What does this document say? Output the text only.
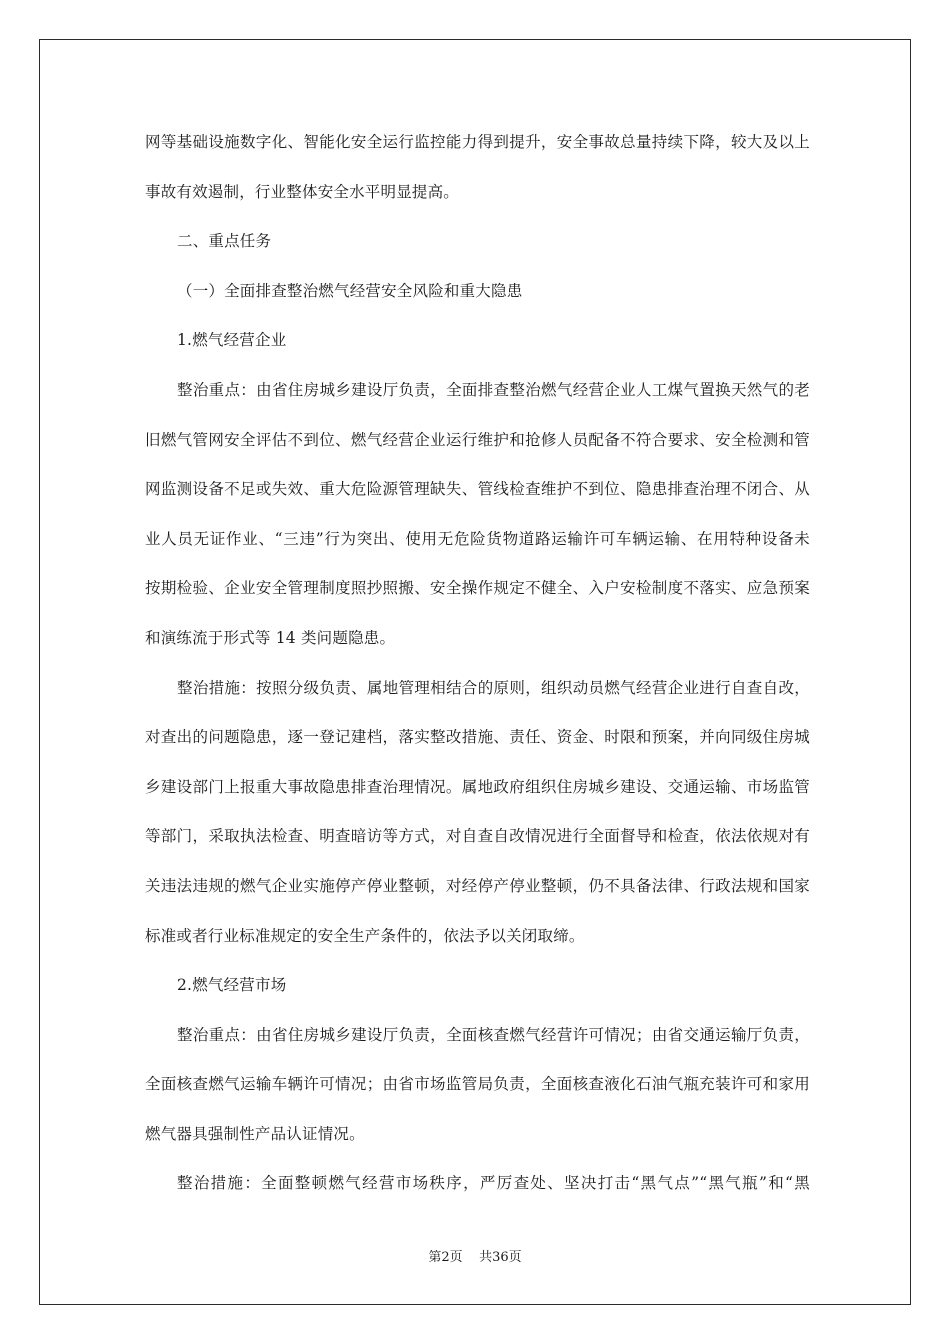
网等基础设施数字化、智能化安全运行监控能力得到提升，安全事故总量持续下降，较大及以上
事故有效遏制，行业整体安全水平明显提高。
二、重点任务
（一）全面排查整治燃气经营安全风险和重大隐患
1.燃气经营企业
整治重点：由省住房城乡建设厅负责，全面排查整治燃气经营企业人工煤气置换天然气的老
旧燃气管网安全评估不到位、燃气经营企业运行维护和抢修人员配备不符合要求、安全检测和管
网监测设备不足或失效、重大危险源管理缺失、管线检查维护不到位、隐患排查治理不闭合、从
业人员无证作业、“三违”行为突出、使用无危险货物道路运输许可车辆运输、在用特种设备未
按期检验、企业安全管理制度照抄照搬、安全操作规定不健全、入户安检制度不落实、应急预案
和演练流于形式等 14 类问题隐患。
整治措施：按照分级负责、属地管理相结合的原则，组织动员燃气经营企业进行自查自改，
对查出的问题隐患，逐一登记建档，落实整改措施、责任、资金、时限和预案，并向同级住房城
乡建设部门上报重大事故隐患排查治理情况。属地政府组织住房城乡建设、交通运输、市场监管
等部门，采取执法检查、明查暗访等方式，对自查自改情况进行全面督导和检查，依法依规对有
关违法违规的燃气企业实施停产停业整顿，对经停产停业整顿，仍不具备法律、行政法规和国家
标准或者行业标准规定的安全生产条件的，依法予以关闭取缔。
2.燃气经营市场
整治重点：由省住房城乡建设厅负责，全面核查燃气经营许可情况；由省交通运输厅负责，
全面核查燃气运输车辆许可情况；由省市场监管局负责，全面核查液化石油气瓶充装许可和家用
燃气器具强制性产品认证情况。
整治措施：全面整顿燃气经营市场秩序，严厉查处、坚决打击“黑气点”“黑气瓶”和“黑
第2页 共36页
